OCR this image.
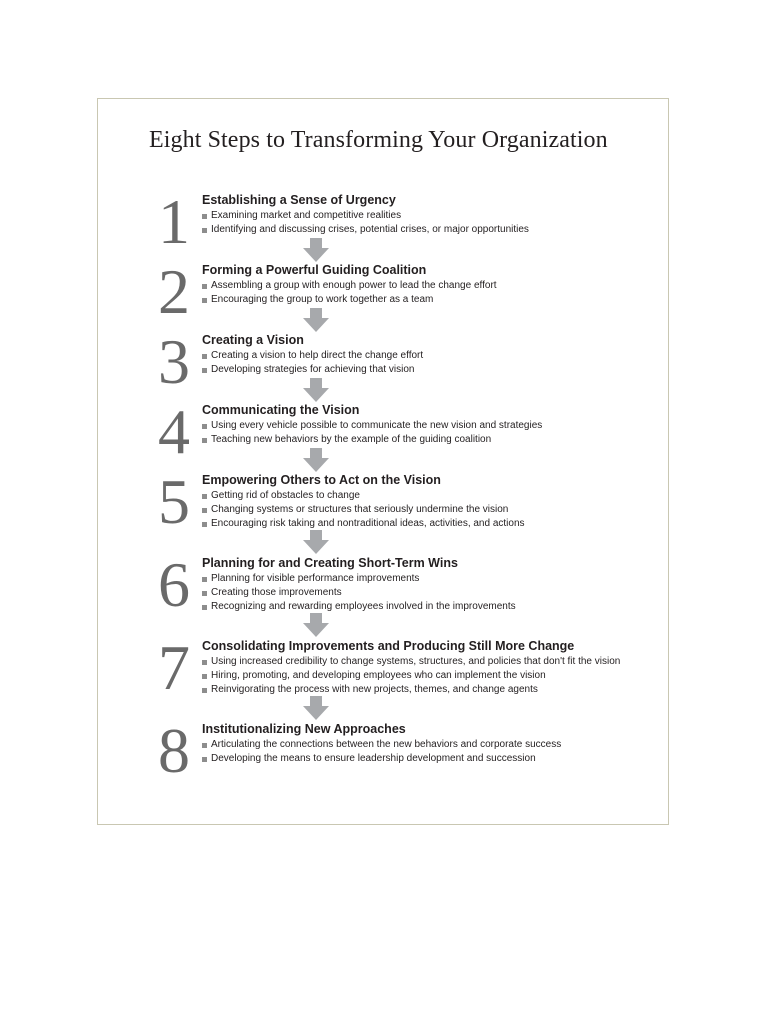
Eight Steps to Transforming Your Organization
1 Establishing a Sense of Urgency
Examining market and competitive realities
Identifying and discussing crises, potential crises, or major opportunities
2 Forming a Powerful Guiding Coalition
Assembling a group with enough power to lead the change effort
Encouraging the group to work together as a team
3 Creating a Vision
Creating a vision to help direct the change effort
Developing strategies for achieving that vision
4 Communicating the Vision
Using every vehicle possible to communicate the new vision and strategies
Teaching new behaviors by the example of the guiding coalition
5 Empowering Others to Act on the Vision
Getting rid of obstacles to change
Changing systems or structures that seriously undermine the vision
Encouraging risk taking and nontraditional ideas, activities, and actions
6 Planning for and Creating Short-Term Wins
Planning for visible performance improvements
Creating those improvements
Recognizing and rewarding employees involved in the improvements
7 Consolidating Improvements and Producing Still More Change
Using increased credibility to change systems, structures, and policies that don't fit the vision
Hiring, promoting, and developing employees who can implement the vision
Reinvigorating the process with new projects, themes, and change agents
8 Institutionalizing New Approaches
Articulating the connections between the new behaviors and corporate success
Developing the means to ensure leadership development and succession
